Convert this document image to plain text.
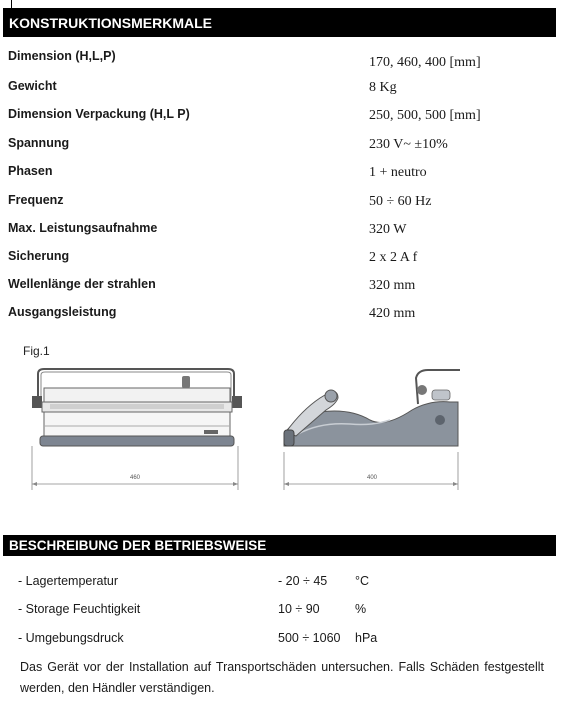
KONSTRUKTIONSMERKMALE
Dimension (H,L,P)	170, 460, 400 [mm]
Gewicht	8 Kg
Dimension Verpackung (H,L P)	250, 500, 500 [mm]
Spannung	230 V~ ±10%
Phasen	1 + neutro
Frequenz	50 ÷ 60 Hz
Max. Leistungsaufnahme	320 W
Sicherung	2 x 2 A f
Wellenlänge der strahlen	320 mm
Ausgangsleistung	420 mm
Fig.1
460	400
BESCHREIBUNG DER BETRIEBSWEISE
- Lagertemperatur	- 20 ÷ 45 °C
- Storage Feuchtigkeit	10 ÷ 90	%
- Umgebungsdruck	500 ÷ 1060 hPa

Das Gerät vor der Installation auf Transportschäden untersuchen. Falls Schäden festgestellt werden, den Händler verständigen.
